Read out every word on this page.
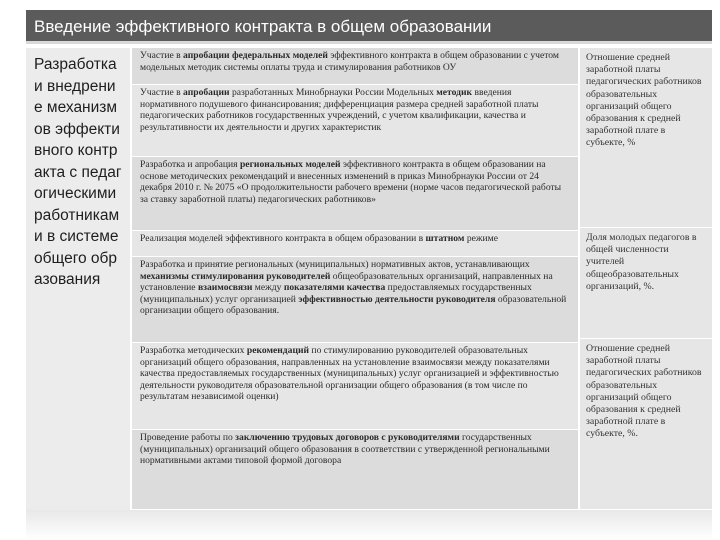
Введение эффективного контракта в общем образовании
Разработка и внедрение механизмов эффективного контракта с педагогическими работниками в системе общего образования

Участие в апробации федеральных моделей эффективного контракта в общем образовании с учетом модельных методик системы оплаты труда и стимулирования работников ОУ

Участие в апробации разработанных Минобрнауки России Модельных методик введения нормативного подушевого финансирования; дифференциация размера средней заработной платы педагогических работников государственных учреждений, с учетом квалификации, качества и результативности их деятельности и других характеристик

Разработка и апробация региональных моделей эффективного контракта в общем образовании на основе методических рекомендаций и внесенных изменений в приказ Минобрнауки России от 24 декабря 2010 г. № 2075 «О продолжительности рабочего времени (норме часов педагогической работы за ставку заработной платы) педагогических работников»

Реализация моделей эффективного контракта в общем образовании в штатном режиме

Разработка и принятие региональных (муниципальных) нормативных актов, устанавливающих механизмы стимулирования руководителей общеобразовательных организаций, направленных на установление взаимосвязи между показателями качества предоставляемых государственных (муниципальных) услуг организацией эффективностью деятельности руководителя образовательной организации общего образования.

Разработка методических рекомендаций по стимулированию руководителей образовательных организаций общего образования, направленных на установление взаимосвязи между показателями качества предоставляемых государственных (муниципальных) услуг организацией и эффективностью деятельности руководителя образовательной организации общего образования (в том числе по результатам независимой оценки)

Проведение работы по заключению трудовых договоров с руководителями государственных (муниципальных) организаций общего образования в соответствии с утвержденной региональными нормативными актами типовой формой договора

Отношение средней заработной платы педагогических работников образовательных организаций общего образования к средней заработной плате в субъекте, %

Доля молодых педагогов в общей численности учителей общеобразовательных организаций, %.

Отношение средней заработной платы педагогических работников образовательных организаций общего образования к средней заработной плате в субъекте, %.
